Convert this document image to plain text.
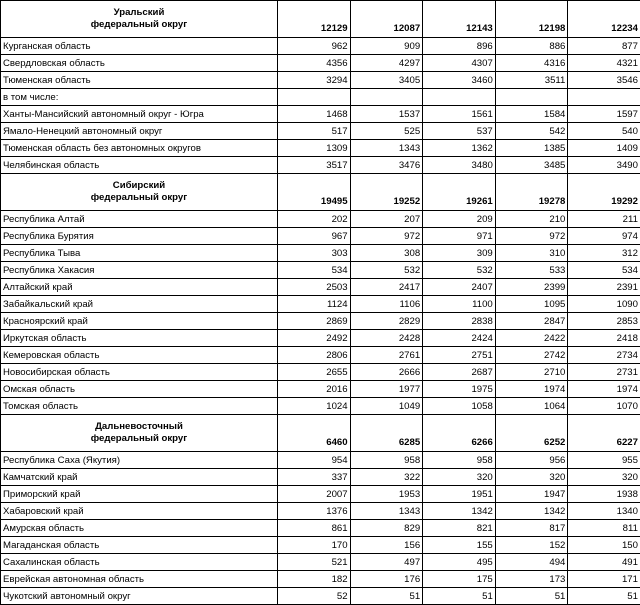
Уральский
федеральный округ	12129	12087	12143	12198	12234
Курганская область	962	909	896	886	877
Свердловская область	4356	4297	4307	4316	4321
Тюменская область	3294	3405	3460	3511	3546
в том числе:					
Ханты-Мансийский автономный округ - Югра	1468	1537	1561	1584	1597
Ямало-Ненецкий автономный округ	517	525	537	542	540
Тюменская область без автономных округов	1309	1343	1362	1385	1409
Челябинская область	3517	3476	3480	3485	3490
Сибирский
федеральный округ	19495	19252	19261	19278	19292
Республика Алтай	202	207	209	210	211
Республика Бурятия	967	972	971	972	974
Республика Тыва	303	308	309	310	312
Республика Хакасия	534	532	532	533	534
Алтайский край	2503	2417	2407	2399	2391
Забайкальский край	1124	1106	1100	1095	1090
Красноярский край	2869	2829	2838	2847	2853
Иркутская область	2492	2428	2424	2422	2418
Кемеровская область	2806	2761	2751	2742	2734
Новосибирская область	2655	2666	2687	2710	2731
Омская область	2016	1977	1975	1974	1974
Томская область	1024	1049	1058	1064	1070
Дальневосточный
федеральный округ	6460	6285	6266	6252	6227
Республика Саха (Якутия)	954	958	958	956	955
Камчатский край	337	322	320	320	320
Приморский край	2007	1953	1951	1947	1938
Хабаровский край	1376	1343	1342	1342	1340
Амурская область	861	829	821	817	811
Магаданская область	170	156	155	152	150
Сахалинская область	521	497	495	494	491
Еврейская автономная область	182	176	175	173	171
Чукотский автономный округ	52	51	51	51	51
